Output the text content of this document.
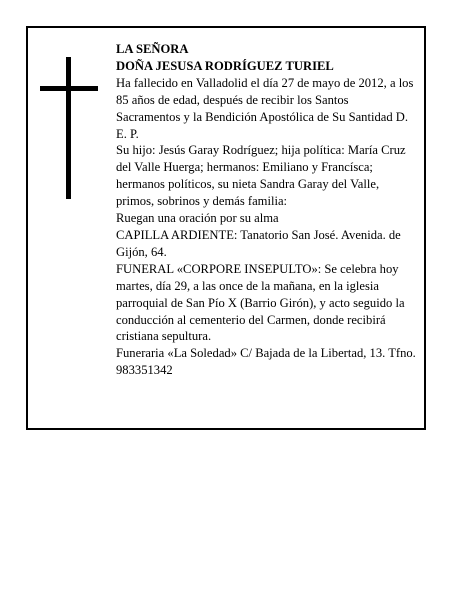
LA SEÑORA

DOÑA JESUSA RODRÍGUEZ TURIEL

Ha fallecido en Valladolid el día 27 de mayo de 2012, a los 85 años de edad, después de recibir los Santos Sacramentos y la Bendición Apostólica de Su Santidad D. E. P.

Su hijo: Jesús Garay Rodríguez; hija política: María Cruz del Valle Huerga; hermanos: Emiliano y Francísca; hermanos políticos, su nieta Sandra Garay del Valle, primos, sobrinos y demás familia:

Ruegan una oración por su alma

CAPILLA ARDIENTE: Tanatorio San José. Avenida. de Gijón, 64.

FUNERAL «CORPORE INSEPULTO»: Se celebra hoy martes, día 29, a las once de la mañana, en la iglesia parroquial de San Pío X (Barrio Girón), y acto seguido la conducción al cementerio del Carmen, donde recibirá cristiana sepultura.

Funeraria «La Soledad» C/ Bajada de la Libertad, 13. Tfno. 983351342
